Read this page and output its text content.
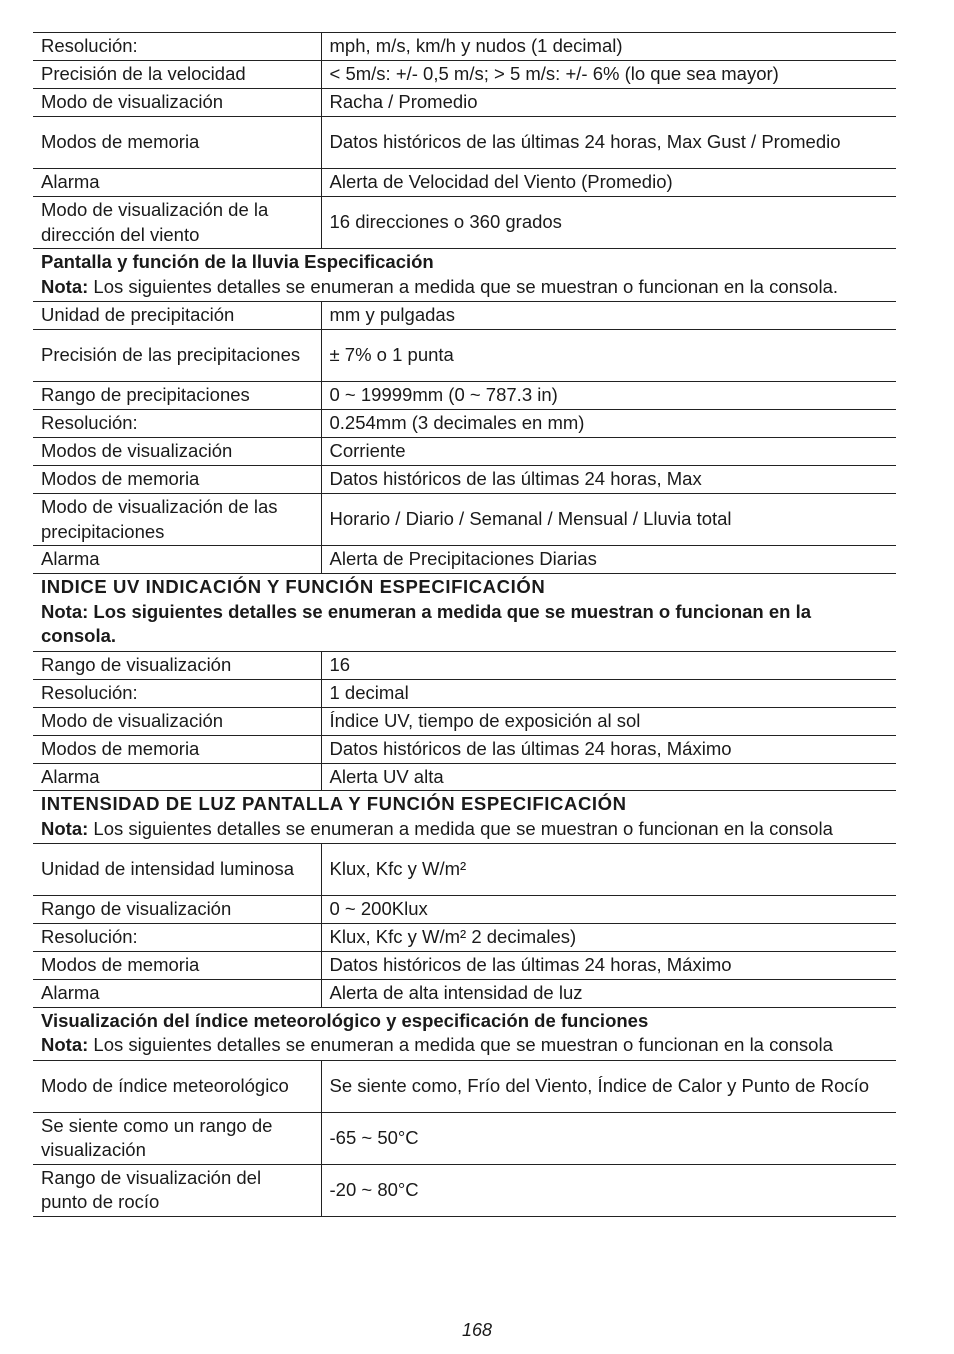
Resolución:	mph, m/s, km/h y nudos (1 decimal)
Precisión de la velocidad	< 5m/s: +/- 0,5 m/s; > 5 m/s: +/- 6% (lo que sea mayor)
Modo de visualización	Racha / Promedio
Modos de memoria	Datos históricos de las últimas 24 horas, Max Gust / Promedio
Alarma	Alerta de Velocidad del Viento (Promedio)
Modo de visualización de la dirección del viento	16 direcciones o 360 grados

Pantalla y función de la lluvia Especificación
Nota: Los siguientes detalles se enumeran a medida que se muestran o funcionan en la consola.	

Unidad de precipitación	mm y pulgadas
Precisión de las precipitaciones	± 7% o 1 punta
Rango de precipitaciones	0 ~ 19999mm (0 ~ 787.3 in)
Resolución:	0.254mm (3 decimales en mm)
Modos de visualización	Corriente
Modos de memoria	Datos históricos de las últimas 24 horas, Max
Modo de visualización de las precipitaciones	Horario / Diario / Semanal / Mensual / Lluvia total
Alarma	Alerta de Precipitaciones Diarias

INDICE UV INDICACIÓN Y FUNCIÓN ESPECIFICACIÓN
Nota: Los siguientes detalles se enumeran a medida que se muestran o funcionan en la consola.	

Rango de visualización	16
Resolución:	1 decimal
Modo de visualización	Índice UV, tiempo de exposición al sol
Modos de memoria	Datos históricos de las últimas 24 horas, Máximo
Alarma	Alerta UV alta

INTENSIDAD DE LUZ PANTALLA Y FUNCIÓN ESPECIFICACIÓN
Nota: Los siguientes detalles se enumeran a medida que se muestran o funcionan en la consola	

Unidad de intensidad luminosa	Klux, Kfc y W/m²
Rango de visualización	0 ~ 200Klux
Resolución:	Klux, Kfc y W/m² 2 decimales)
Modos de memoria	Datos históricos de las últimas 24 horas, Máximo
Alarma	Alerta de alta intensidad de luz

Visualización del índice meteorológico y especificación de funciones
Nota: Los siguientes detalles se enumeran a medida que se muestran o funcionan en la consola	

Modo de índice meteorológico	Se siente como, Frío del Viento, Índice de Calor y Punto de Rocío
Se siente como un rango de visualización	-65 ~ 50°C
Rango de visualización del punto de rocío	-20 ~ 80°C
168
